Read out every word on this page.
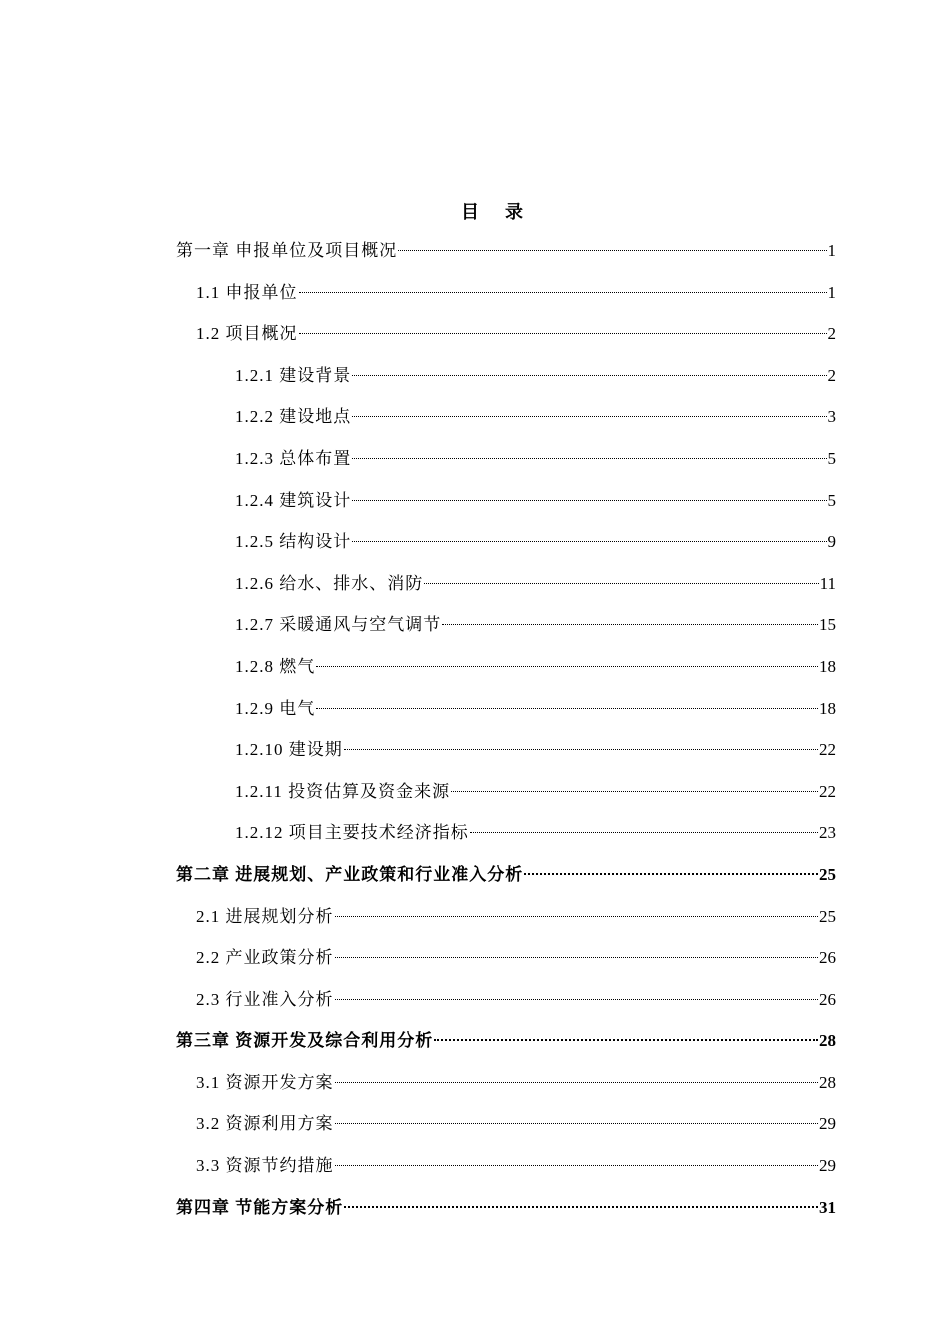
目录
第一章 申报单位及项目概况	1
1.1 申报单位	1
1.2 项目概况	2
1.2.1 建设背景	2
1.2.2 建设地点	3
1.2.3 总体布置	5
1.2.4 建筑设计	5
1.2.5 结构设计	9
1.2.6 给水、排水、消防	11
1.2.7 采暖通风与空气调节	15
1.2.8 燃气	18
1.2.9 电气	18
1.2.10 建设期	22
1.2.11 投资估算及资金来源	22
1.2.12 项目主要技术经济指标	23
第二章 进展规划、产业政策和行业准入分析	25
2.1 进展规划分析	25
2.2 产业政策分析	26
2.3 行业准入分析	26
第三章 资源开发及综合利用分析	28
3.1 资源开发方案	28
3.2 资源利用方案	29
3.3 资源节约措施	29
第四章 节能方案分析	31
